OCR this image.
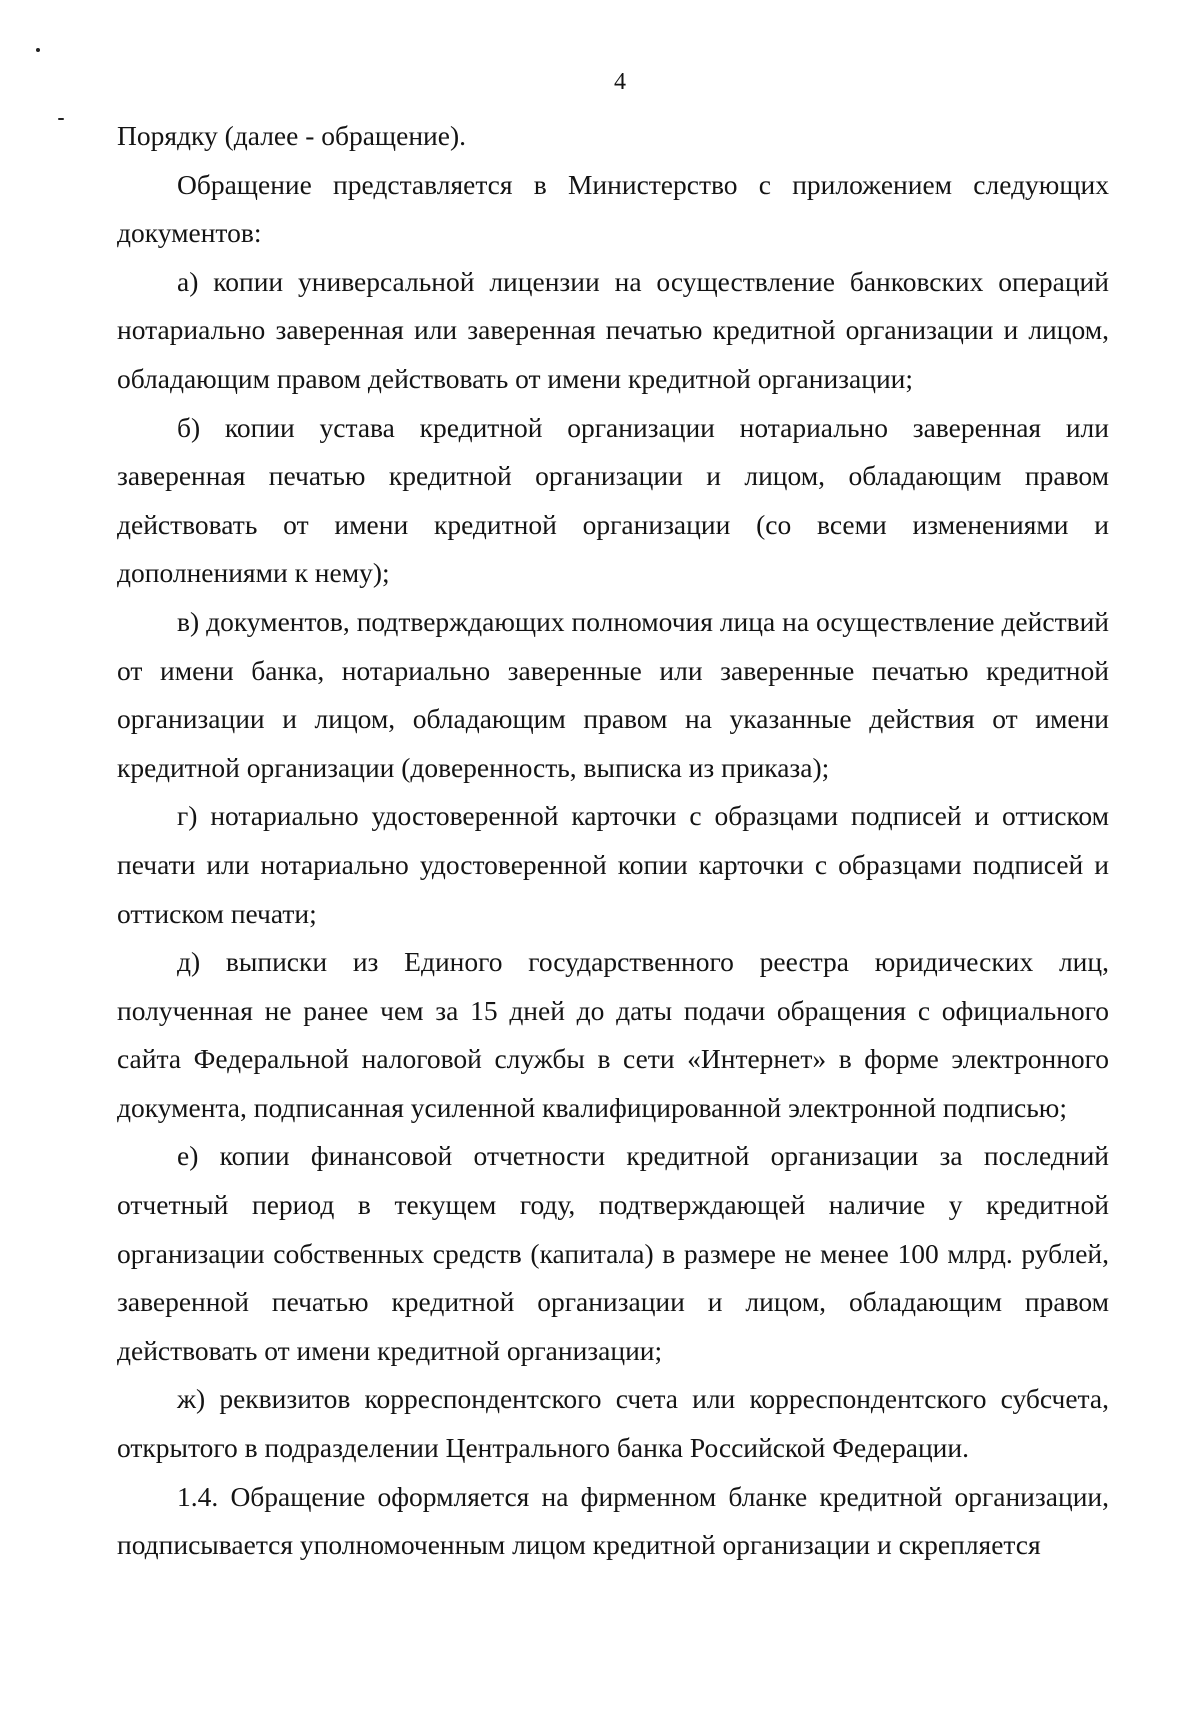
4

Порядку (далее - обращение).

Обращение представляется в Министерство с приложением следующих документов:

а) копии универсальной лицензии на осуществление банковских операций нотариально заверенная или заверенная печатью кредитной организации и лицом, обладающим правом действовать от имени кредитной организации;

б) копии устава кредитной организации нотариально заверенная или заверенная печатью кредитной организации и лицом, обладающим правом действовать от имени кредитной организации (со всеми изменениями и дополнениями к нему);

в) документов, подтверждающих полномочия лица на осуществление действий от имени банка, нотариально заверенные или заверенные печатью кредитной организации и лицом, обладающим правом на указанные действия от имени кредитной организации (доверенность, выписка из приказа);

г) нотариально удостоверенной карточки с образцами подписей и оттиском печати или нотариально удостоверенной копии карточки с образцами подписей и оттиском печати;

д) выписки из Единого государственного реестра юридических лиц, полученная не ранее чем за 15 дней до даты подачи обращения с официального сайта Федеральной налоговой службы в сети «Интернет» в форме электронного документа, подписанная усиленной квалифицированной электронной подписью;

е) копии финансовой отчетности кредитной организации за последний отчетный период в текущем году, подтверждающей наличие у кредитной организации собственных средств (капитала) в размере не менее 100 млрд. рублей, заверенной печатью кредитной организации и лицом, обладающим правом действовать от имени кредитной организации;

ж) реквизитов корреспондентского счета или корреспондентского субсчета, открытого в подразделении Центрального банка Российской Федерации.

1.4. Обращение оформляется на фирменном бланке кредитной организации, подписывается уполномоченным лицом кредитной организации и скрепляется
